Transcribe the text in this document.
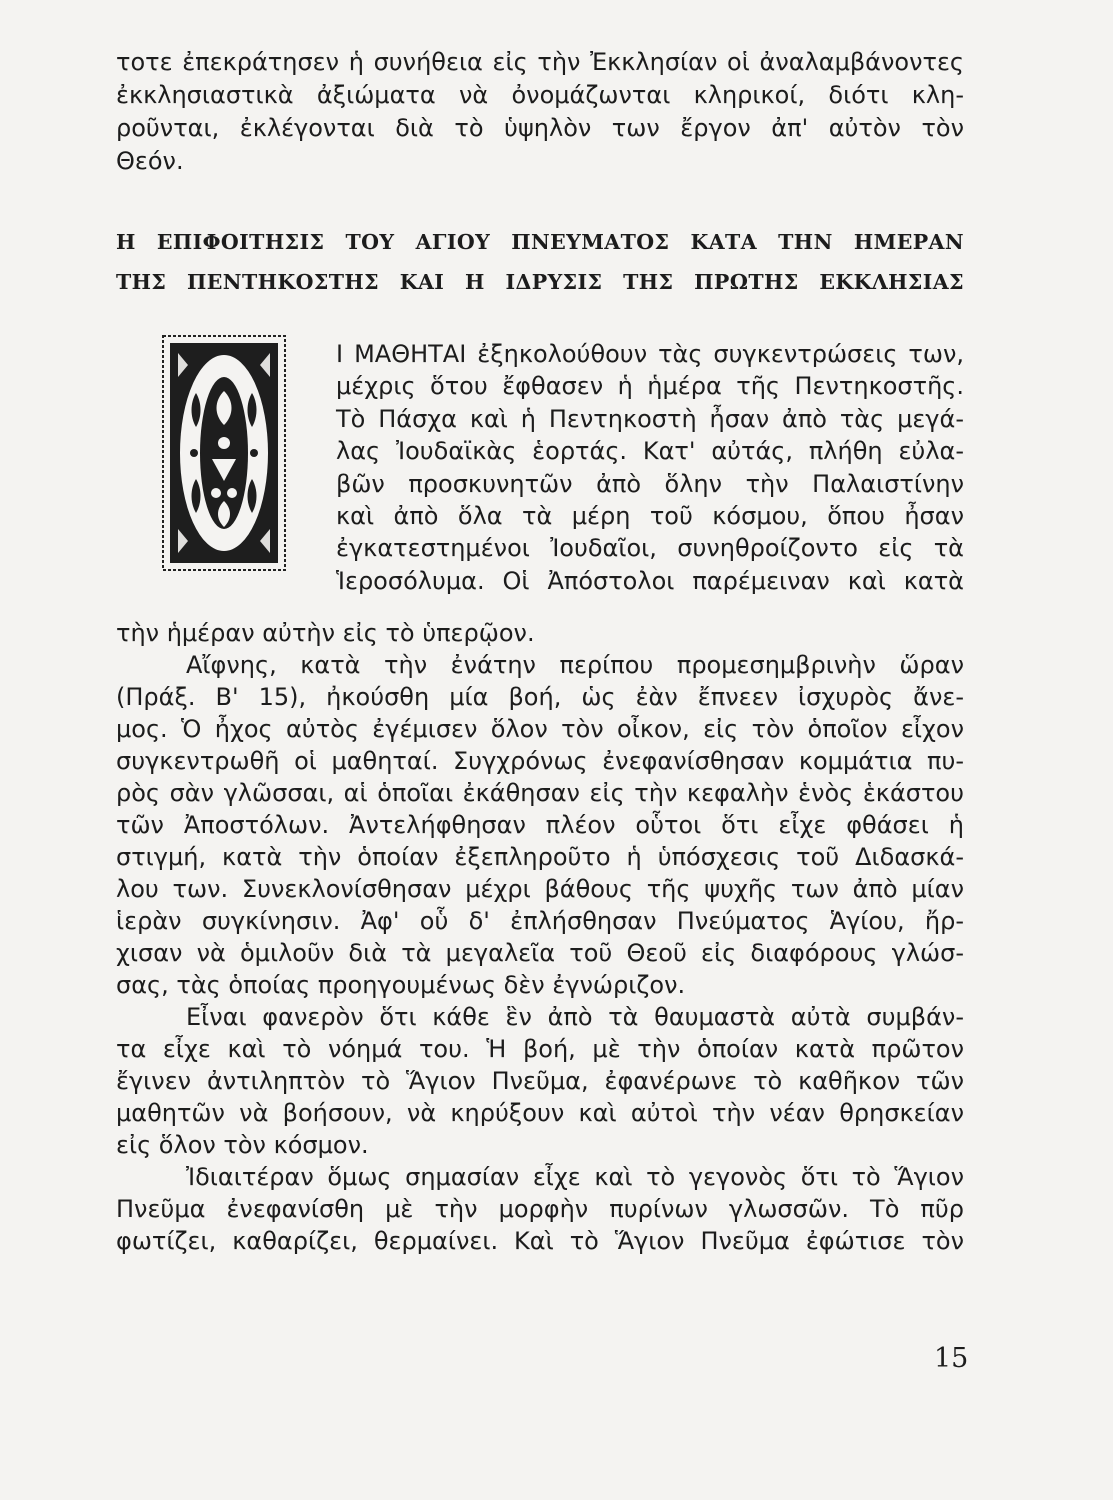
τοτε ἐπεκράτησεν ἡ συνήθεια εἰς τὴν Ἐκκλησίαν οἱ ἀναλαμβάνοντες
ἐκκλησιαστικὰ ἀξιώματα νὰ ὀνομάζωνται κληρικοί, διότι κλη-
ροῦνται, ἐκλέγονται διὰ τὸ ὑψηλὸν των ἔργον ἀπ' αὐτὸν τὸν
Θεόν.
Η ΕΠΙΦΟΙΤΗΣΙΣ ΤΟΥ ΑΓΙΟΥ ΠΝΕΥΜΑΤΟΣ ΚΑΤΑ ΤΗΝ ΗΜΕΡΑΝ
ΤΗΣ ΠΕΝΤΗΚΟΣΤΗΣ ΚΑΙ Η ΙΔΡΥΣΙΣ ΤΗΣ ΠΡΩΤΗΣ ΕΚΚΛΗΣΙΑΣ
Ι ΜΑΘΗΤΑΙ ἐξηκολούθουν τὰς συγκεντρώσεις των,
μέχρις ὅτου ἔφθασεν ἡ ἡμέρα τῆς Πεντηκοστῆς.
Τὸ Πάσχα καὶ ἡ Πεντηκοστὴ ἦσαν ἀπὸ τὰς μεγά-
λας Ἰουδαϊκὰς ἑορτάς. Κατ' αὐτάς, πλήθη εὐλα-
βῶν προσκυνητῶν ἀπὸ ὅλην τὴν Παλαιστίνην
καὶ ἀπὸ ὅλα τὰ μέρη τοῦ κόσμου, ὅπου ἦσαν
ἐγκατεστημένοι Ἰουδαῖοι, συνηθροίζοντο εἰς τὰ
Ἱεροσόλυμα. Οἱ Ἀπόστολοι παρέμειναν καὶ κατὰ
τὴν ἡμέραν αὐτὴν εἰς τὸ ὑπερῷον.
Αἴφνης, κατὰ τὴν ἐνάτην περίπου προμεσημβρινὴν ὥραν
(Πράξ. Β' 15), ἠκούσθη μία βοή, ὡς ἐὰν ἔπνεεν ἰσχυρὸς ἄνε-
μος. Ὁ ἦχος αὐτὸς ἐγέμισεν ὅλον τὸν οἶκον, εἰς τὸν ὁποῖον εἶχον
συγκεντρωθῆ οἱ μαθηταί. Συγχρόνως ἐνεφανίσθησαν κομμάτια πυ-
ρὸς σὰν γλῶσσαι, αἱ ὁποῖαι ἐκάθησαν εἰς τὴν κεφαλὴν ἑνὸς ἑκάστου
τῶν Ἀποστόλων. Ἀντελήφθησαν πλέον οὗτοι ὅτι εἶχε φθάσει ἡ
στιγμή, κατὰ τὴν ὁποίαν ἐξεπληροῦτο ἡ ὑπόσχεσις τοῦ Διδασκά-
λου των. Συνεκλονίσθησαν μέχρι βάθους τῆς ψυχῆς των ἀπὸ μίαν
ἱερὰν συγκίνησιν. Ἀφ' οὗ δ' ἐπλήσθησαν Πνεύματος Ἁγίου, ἤρ-
χισαν νὰ ὁμιλοῦν διὰ τὰ μεγαλεῖα τοῦ Θεοῦ εἰς διαφόρους γλώσ-
σας, τὰς ὁποίας προηγουμένως δὲν ἐγνώριζον.
Εἶναι φανερὸν ὅτι κάθε ἓν ἀπὸ τὰ θαυμαστὰ αὐτὰ συμβάν-
τα εἶχε καὶ τὸ νόημά του. Ἡ βοή, μὲ τὴν ὁποίαν κατὰ πρῶτον
ἔγινεν ἀντιληπτὸν τὸ Ἅγιον Πνεῦμα, ἐφανέρωνε τὸ καθῆκον τῶν
μαθητῶν νὰ βοήσουν, νὰ κηρύξουν καὶ αὐτοὶ τὴν νέαν θρησκείαν
εἰς ὅλον τὸν κόσμον.
Ἰδιαιτέραν ὅμως σημασίαν εἶχε καὶ τὸ γεγονὸς ὅτι τὸ Ἅγιον
Πνεῦμα ἐνεφανίσθη μὲ τὴν μορφὴν πυρίνων γλωσσῶν. Τὸ πῦρ
φωτίζει, καθαρίζει, θερμαίνει. Καὶ τὸ Ἅγιον Πνεῦμα ἐφώτισε τὸν
15
